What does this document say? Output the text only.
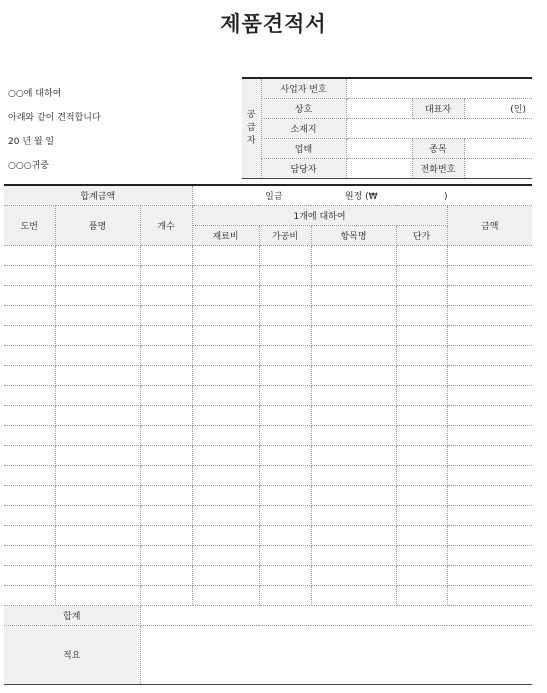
제품견적서
○○에 대하여
아래와 같이 견적합니다
20 년 월 일
○○○귀중
공
급
자	사업자 번호			
	상호		대표자	(인)
	소재지			
	업태		종목	
	담당자		전화번호	
합계금액			일금 원정 (₩ )				
도번	품명	개수	1개에 대하여				금액
			재료비	가공비	항목명	단가	

합계							
적요							
